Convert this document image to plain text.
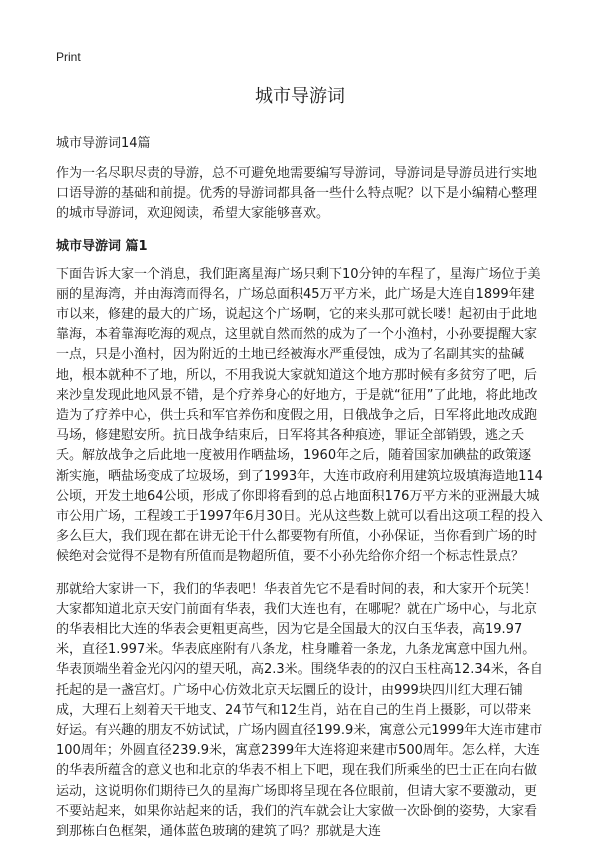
Print
城市导游词

城市导游词14篇

作为一名尽职尽责的导游，总不可避免地需要编写导游词，导游词是导游员进行实地口语导游的基础和前提。优秀的导游词都具备一些什么特点呢？以下是小编精心整理的城市导游词，欢迎阅读，希望大家能够喜欢。

城市导游词 篇1

下面告诉大家一个消息，我们距离星海广场只剩下10分钟的车程了，星海广场位于美丽的星海湾，并由海湾而得名，广场总面积45万平方米，此广场是大连自1899年建市以来，修建的最大的广场，说起这个广场啊，它的来头那可就长喽！起初由于此地靠海，本着靠海吃海的观点，这里就自然而然的成为了一个小渔村，小孙要提醒大家一点，只是小渔村，因为附近的土地已经被海水严重侵蚀，成为了名副其实的盐碱地，根本就种不了地，所以，不用我说大家就知道这个地方那时候有多贫穷了吧，后来沙皇发现此地风景不错，是个疗养身心的好地方，于是就“征用”了此地，将此地改造为了疗养中心，供士兵和军官养伤和度假之用，日俄战争之后，日军将此地改成跑马场，修建慰安所。抗日战争结束后，日军将其各种痕迹，罪证全部销毁，逃之夭夭。解放战争之后此地一度被用作晒盐场，1960年之后，随着国家加碘盐的政策逐渐实施，晒盐场变成了垃圾场，到了1993年，大连市政府利用建筑垃圾填海造地114公顷，开发土地64公顷，形成了你即将看到的总占地面积176万平方米的亚洲最大城市公用广场，工程竣工于1997年6月30日。光从这些数上就可以看出这项工程的投入多么巨大，我们现在都在讲无论干什么都要物有所值，小孙保证，当你看到广场的时候绝对会觉得不是物有所值而是物超所值，要不小孙先给你介绍一个标志性景点？

那就给大家讲一下，我们的华表吧！华表首先它不是看时间的表，和大家开个玩笑！大家都知道北京天安门前面有华表，我们大连也有，在哪呢？就在广场中心，与北京的华表相比大连的华表会更粗更高些，因为它是全国最大的汉白玉华表，高19.97米，直径1.997米。华表底座附有八条龙，柱身雕着一条龙，九条龙寓意中国九州。华表顶端坐着金光闪闪的望天吼，高2.3米。围绕华表的的汉白玉柱高12.34米，各自托起的是一盏宫灯。广场中心仿效北京天坛圜丘的设计，由999块四川红大理石铺成，大理石上刻着天干地支、24节气和12生肖，站在自己的生肖上摄影，可以带来好运。有兴趣的朋友不妨试试，广场内圆直径199.9米，寓意公元1999年大连市建市100周年；外圆直径239.9米，寓意2399年大连将迎来建市500周年。怎么样，大连的华表所蕴含的意义也和北京的华表不相上下吧，现在我们所乘坐的巴士正在向右做运动，这说明你们期待已久的星海广场即将呈现在各位眼前，但请大家不要激动，更不要站起来，如果你站起来的话，我们的汽车就会让大家做一次卧倒的姿势，大家看到那栋白色框架，通体蓝色玻璃的建筑了吗？那就是大连
